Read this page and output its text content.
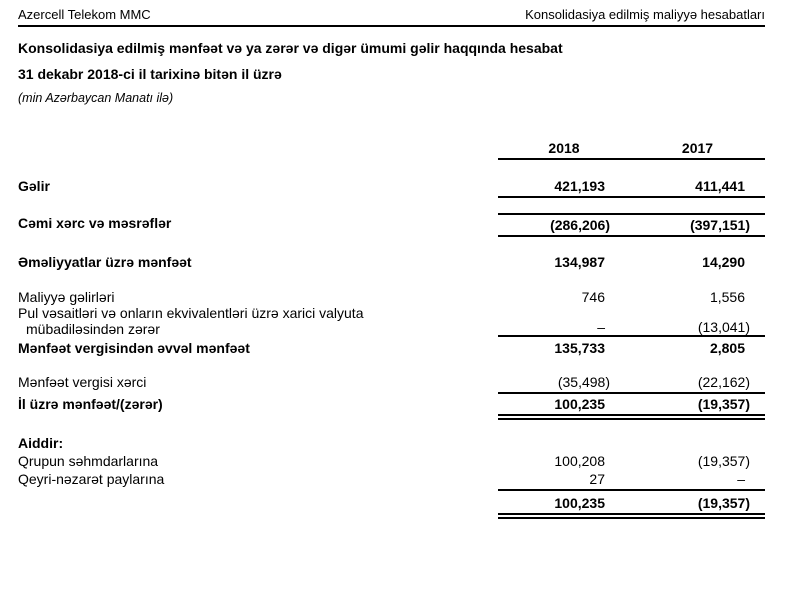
Azercell Telekom MMC	Konsolidasiya edilmiş maliyyə hesabatları
Konsolidasiya edilmiş mənfəət və ya zərər və digər ümumi gəlir haqqında hesabat
31 dekabr 2018-ci il tarixinə bitən il üzrə
(min Azərbaycan Manatı ilə)
2018	2017
Gəlir	421,193	411,441
Cəmi xərc və məsrəflər	(286,206)	(397,151)
Əməliyyatlar üzrə mənfəət	134,987	14,290
Maliyyə gəlirləri	746	1,556
Pul vəsaitləri və onların ekvivalentləri üzrə xarici valyuta
mübadiləsindən zərər	–	(13,041)
Mənfəət vergisindən əvvəl mənfəət	135,733	2,805
Mənfəət vergisi xərci	(35,498)	(22,162)
İl üzrə mənfəət/(zərər)	100,235	(19,357)
Aiddir:
Qrupun səhmdarlarına	100,208	(19,357)
Qeyri-nəzarət paylarına	27	–
100,235	(19,357)
